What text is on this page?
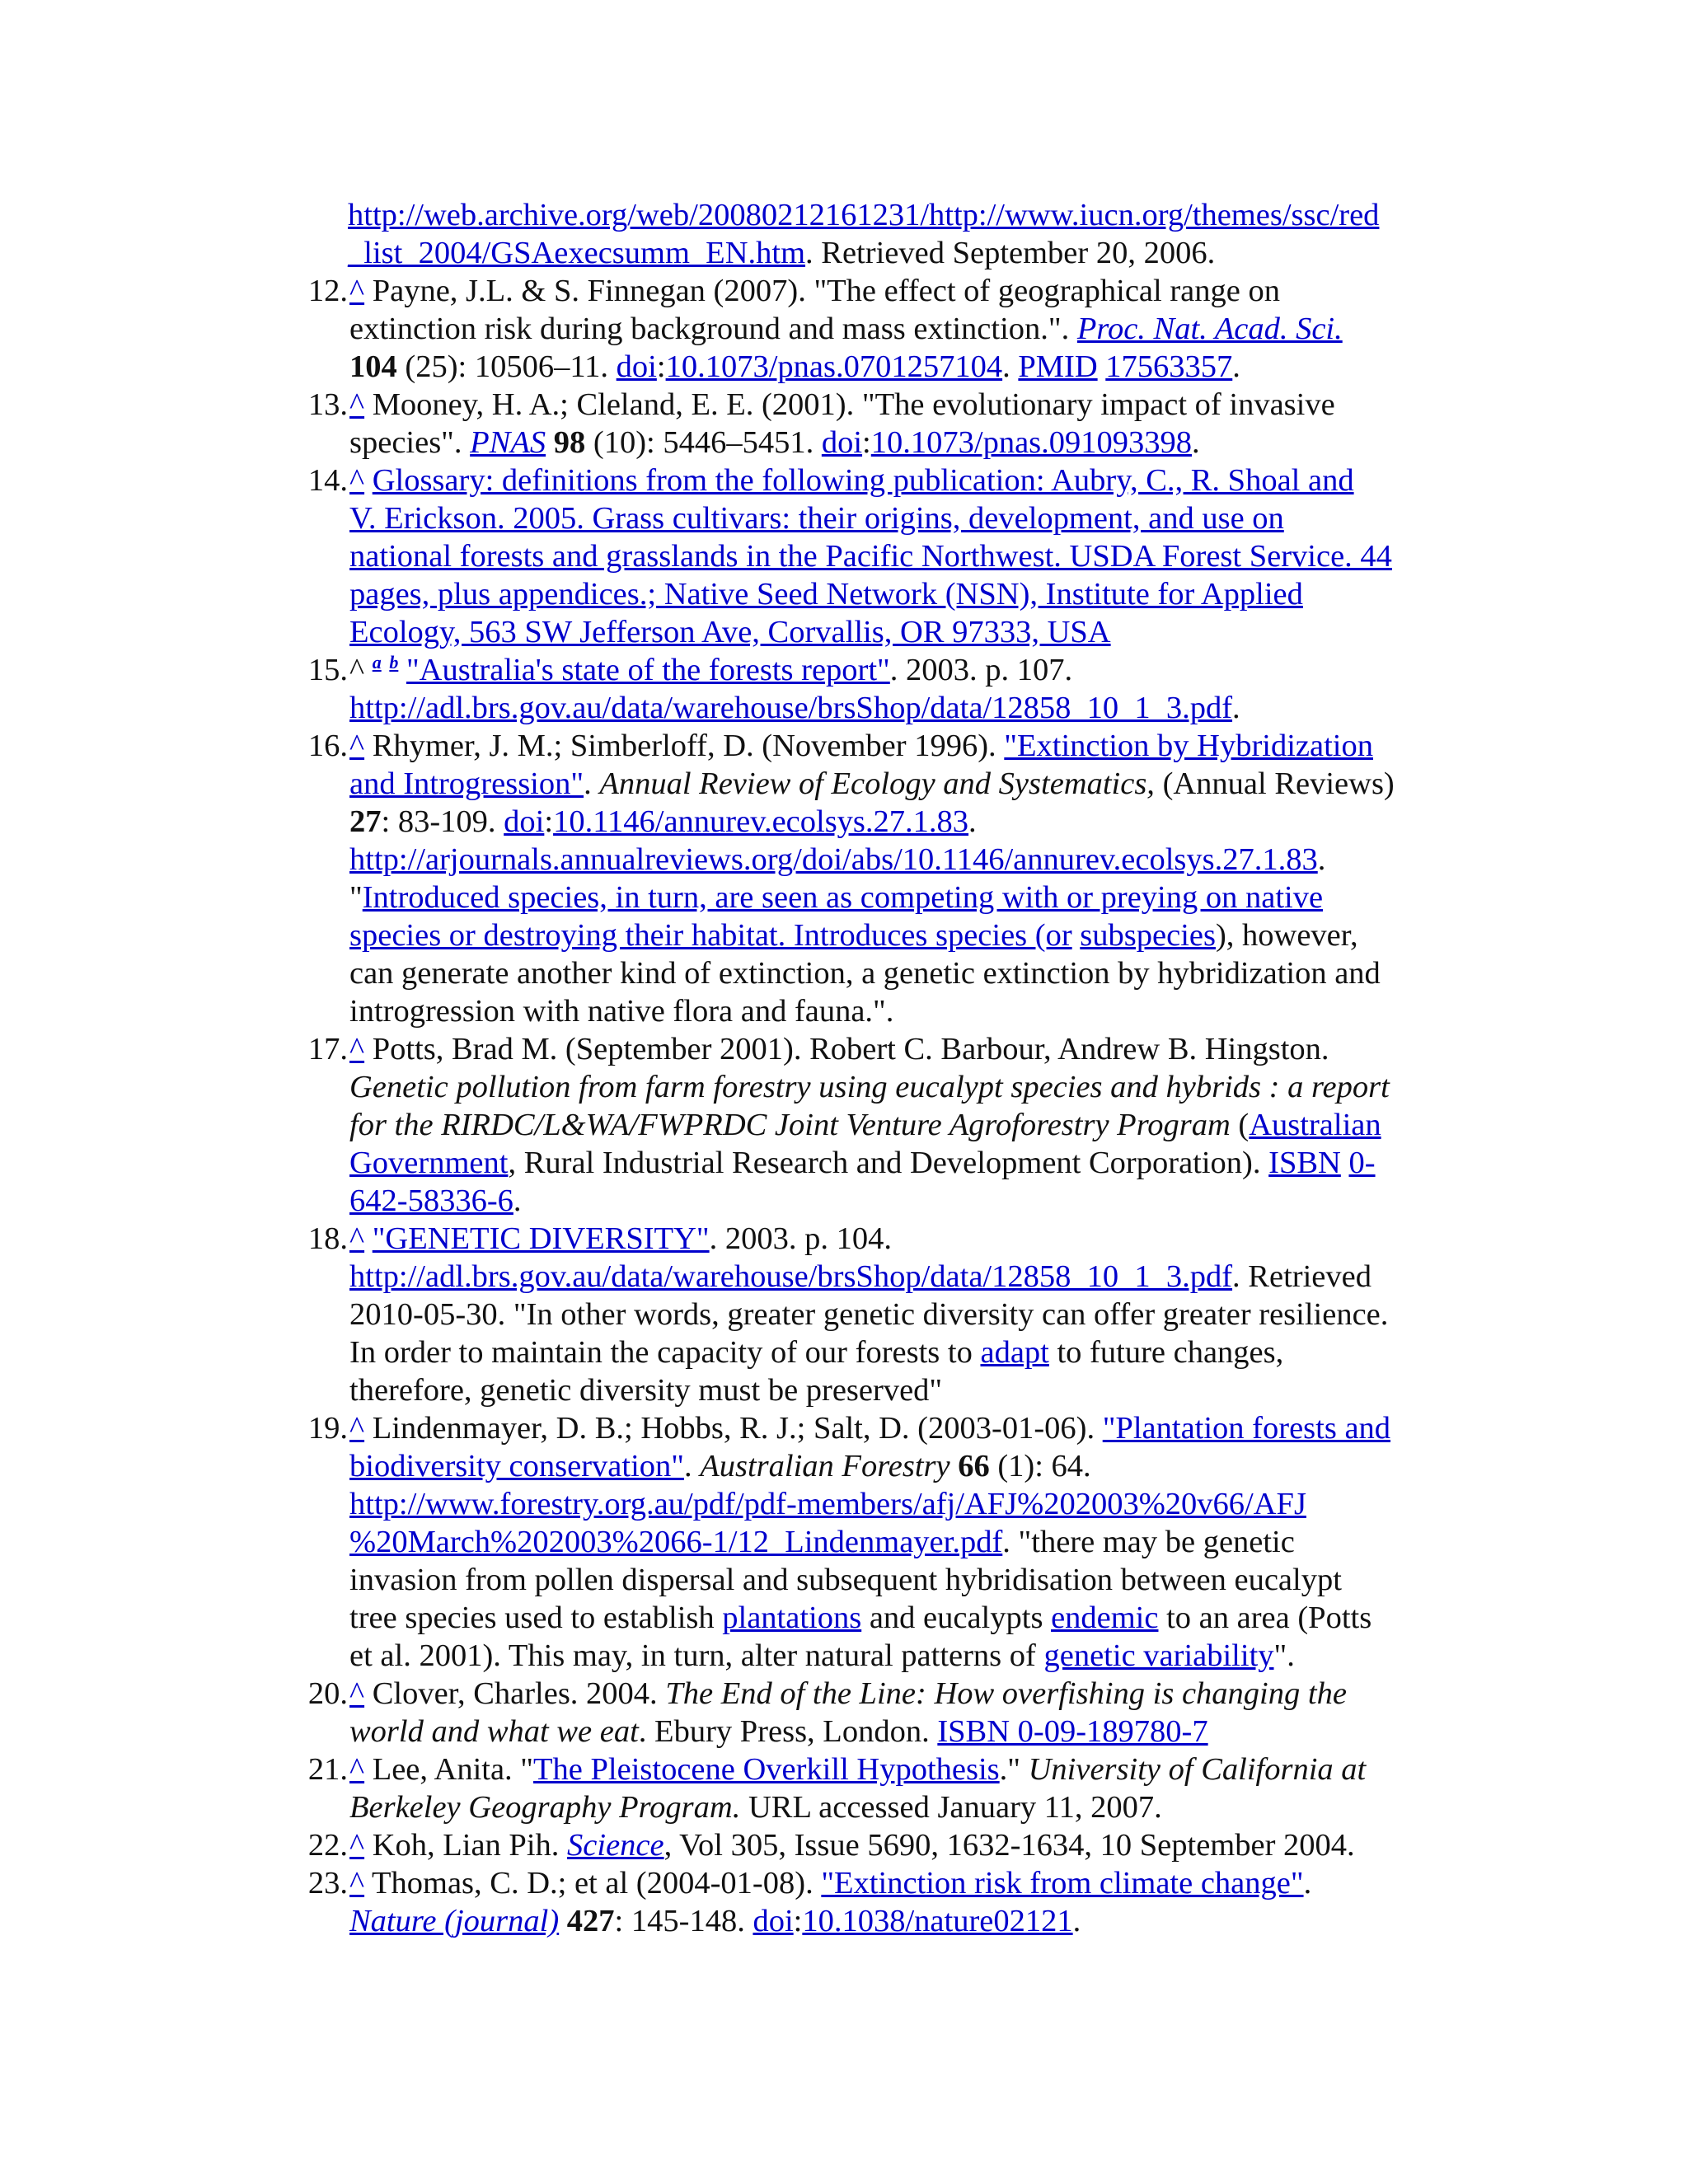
http://web.archive.org/web/20080212161231/http://www.iucn.org/themes/ssc/red
_list_2004/GSAexecsumm_EN.htm. Retrieved September 20, 2006.
12. ^ Payne, J.L. & S. Finnegan (2007). "The effect of geographical range on
extinction risk during background and mass extinction.". Proc. Nat. Acad. Sci.
104 (25): 10506–11. doi:10.1073/pnas.0701257104. PMID 17563357.
13. ^ Mooney, H. A.; Cleland, E. E. (2001). "The evolutionary impact of invasive
species". PNAS 98 (10): 5446–5451. doi:10.1073/pnas.091093398.
14. ^ Glossary: definitions from the following publication: Aubry, C., R. Shoal and
V. Erickson. 2005. Grass cultivars: their origins, development, and use on
national forests and grasslands in the Pacific Northwest. USDA Forest Service. 44
pages, plus appendices.; Native Seed Network (NSN), Institute for Applied
Ecology, 563 SW Jefferson Ave, Corvallis, OR 97333, USA
15. ^ $^a$ $^b$ "Australia's state of the forests report". 2003. p. 107.
http://adl.brs.gov.au/data/warehouse/brsShop/data/12858_10_1_3.pdf.
16. ^ Rhymer, J. M.; Simberloff, D. (November 1996). "Extinction by Hybridization
and Introgression". Annual Review of Ecology and Systematics, (Annual Reviews)
27: 83-109. doi:10.1146/annurev.ecolsys.27.1.83.
http://arjournals.annualreviews.org/doi/abs/10.1146/annurev.ecolsys.27.1.83.
"Introduced species, in turn, are seen as competing with or preying on native
species or destroying their habitat. Introduces species (or subspecies), however,
can generate another kind of extinction, a genetic extinction by hybridization and
introgression with native flora and fauna.".
17. ^ Potts, Brad M. (September 2001). Robert C. Barbour, Andrew B. Hingston.
Genetic pollution from farm forestry using eucalypt species and hybrids : a report
for the RIRDC/L&WA/FWPRDC Joint Venture Agroforestry Program (Australian
Government, Rural Industrial Research and Development Corporation). ISBN 0-
642-58336-6.
18. ^ "GENETIC DIVERSITY". 2003. p. 104.
http://adl.brs.gov.au/data/warehouse/brsShop/data/12858_10_1_3.pdf. Retrieved
2010-05-30. "In other words, greater genetic diversity can offer greater resilience.
In order to maintain the capacity of our forests to adapt to future changes,
therefore, genetic diversity must be preserved"
19. ^ Lindenmayer, D. B.; Hobbs, R. J.; Salt, D. (2003-01-06). "Plantation forests and
biodiversity conservation". Australian Forestry 66 (1): 64.
http://www.forestry.org.au/pdf/pdf-members/afj/AFJ%202003%20v66/AFJ
%20March%202003%2066-1/12_Lindenmayer.pdf. "there may be genetic
invasion from pollen dispersal and subsequent hybridisation between eucalypt
tree species used to establish plantations and eucalypts endemic to an area (Potts
et al. 2001). This may, in turn, alter natural patterns of genetic variability".
20. ^ Clover, Charles. 2004. The End of the Line: How overfishing is changing the
world and what we eat. Ebury Press, London. ISBN 0-09-189780-7
21. ^ Lee, Anita. "The Pleistocene Overkill Hypothesis." University of California at
Berkeley Geography Program. URL accessed January 11, 2007.
22. ^ Koh, Lian Pih. Science, Vol 305, Issue 5690, 1632-1634, 10 September 2004.
23. ^ Thomas, C. D.; et al (2004-01-08). "Extinction risk from climate change".
Nature (journal) 427: 145-148. doi:10.1038/nature02121.
